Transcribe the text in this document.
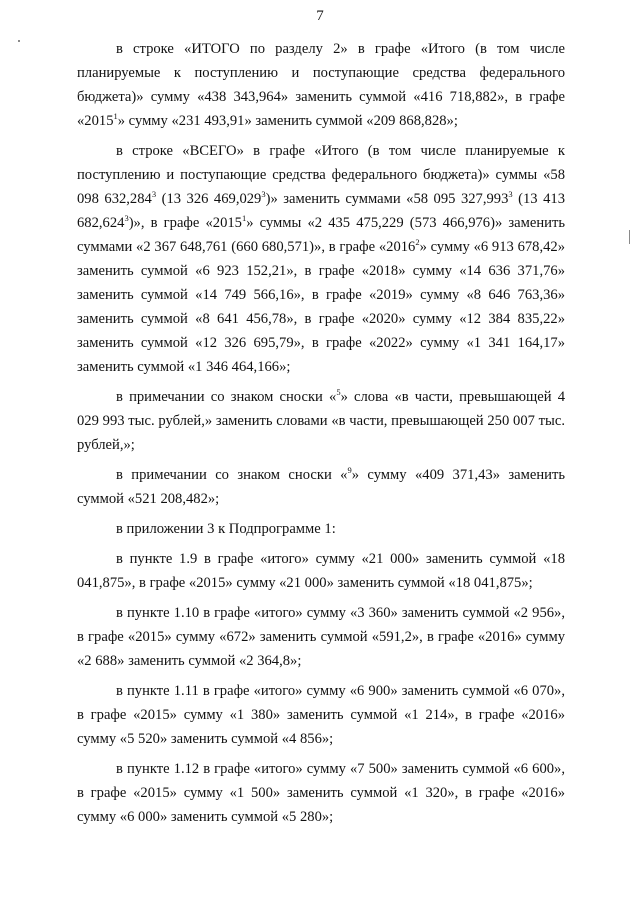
7

в строке «ИТОГО по разделу 2» в графе «Итого (в том числе планируемые к поступлению и поступающие средства федерального бюджета)» сумму «438 343,964» заменить суммой «416 718,882», в графе «2015$^1$» сумму «231 493,91» заменить суммой «209 868,828»;

в строке «ВСЕГО» в графе «Итого (в том числе планируемые к поступлению и поступающие средства федерального бюджета)» суммы «58 098 632,284$^3$ (13 326 469,029$^3$)» заменить суммами «58 095 327,993$^3$ (13 413 682,624$^3$)», в графе «2015$^1$» суммы «2 435 475,229 (573 466,976)» заменить суммами «2 367 648,761 (660 680,571)», в графе «2016$^2$» сумму «6 913 678,42» заменить суммой «6 923 152,21», в графе «2018» сумму «14 636 371,76» заменить суммой «14 749 566,16», в графе «2019» сумму «8 646 763,36» заменить суммой «8 641 456,78», в графе «2020» сумму «12 384 835,22» заменить суммой «12 326 695,79», в графе «2022» сумму «1 341 164,17» заменить суммой «1 346 464,166»;

в примечании со знаком сноски «$^5$» слова «в части, превышающей 4 029 993 тыс. рублей,» заменить словами «в части, превышающей 250 007 тыс. рублей,»;

в примечании со знаком сноски «$^9$» сумму «409 371,43» заменить суммой «521 208,482»;

в приложении 3 к Подпрограмме 1:

в пункте 1.9 в графе «итого» сумму «21 000» заменить суммой «18 041,875», в графе «2015» сумму «21 000» заменить суммой «18 041,875»;

в пункте 1.10 в графе «итого» сумму «3 360» заменить суммой «2 956», в графе «2015» сумму «672» заменить суммой «591,2», в графе «2016» сумму «2 688» заменить суммой «2 364,8»;

в пункте 1.11 в графе «итого» сумму «6 900» заменить суммой «6 070», в графе «2015» сумму «1 380» заменить суммой «1 214», в графе «2016» сумму «5 520» заменить суммой «4 856»;

в пункте 1.12 в графе «итого» сумму «7 500» заменить суммой «6 600», в графе «2015» сумму «1 500» заменить суммой «1 320», в графе «2016» сумму «6 000» заменить суммой «5 280»;
